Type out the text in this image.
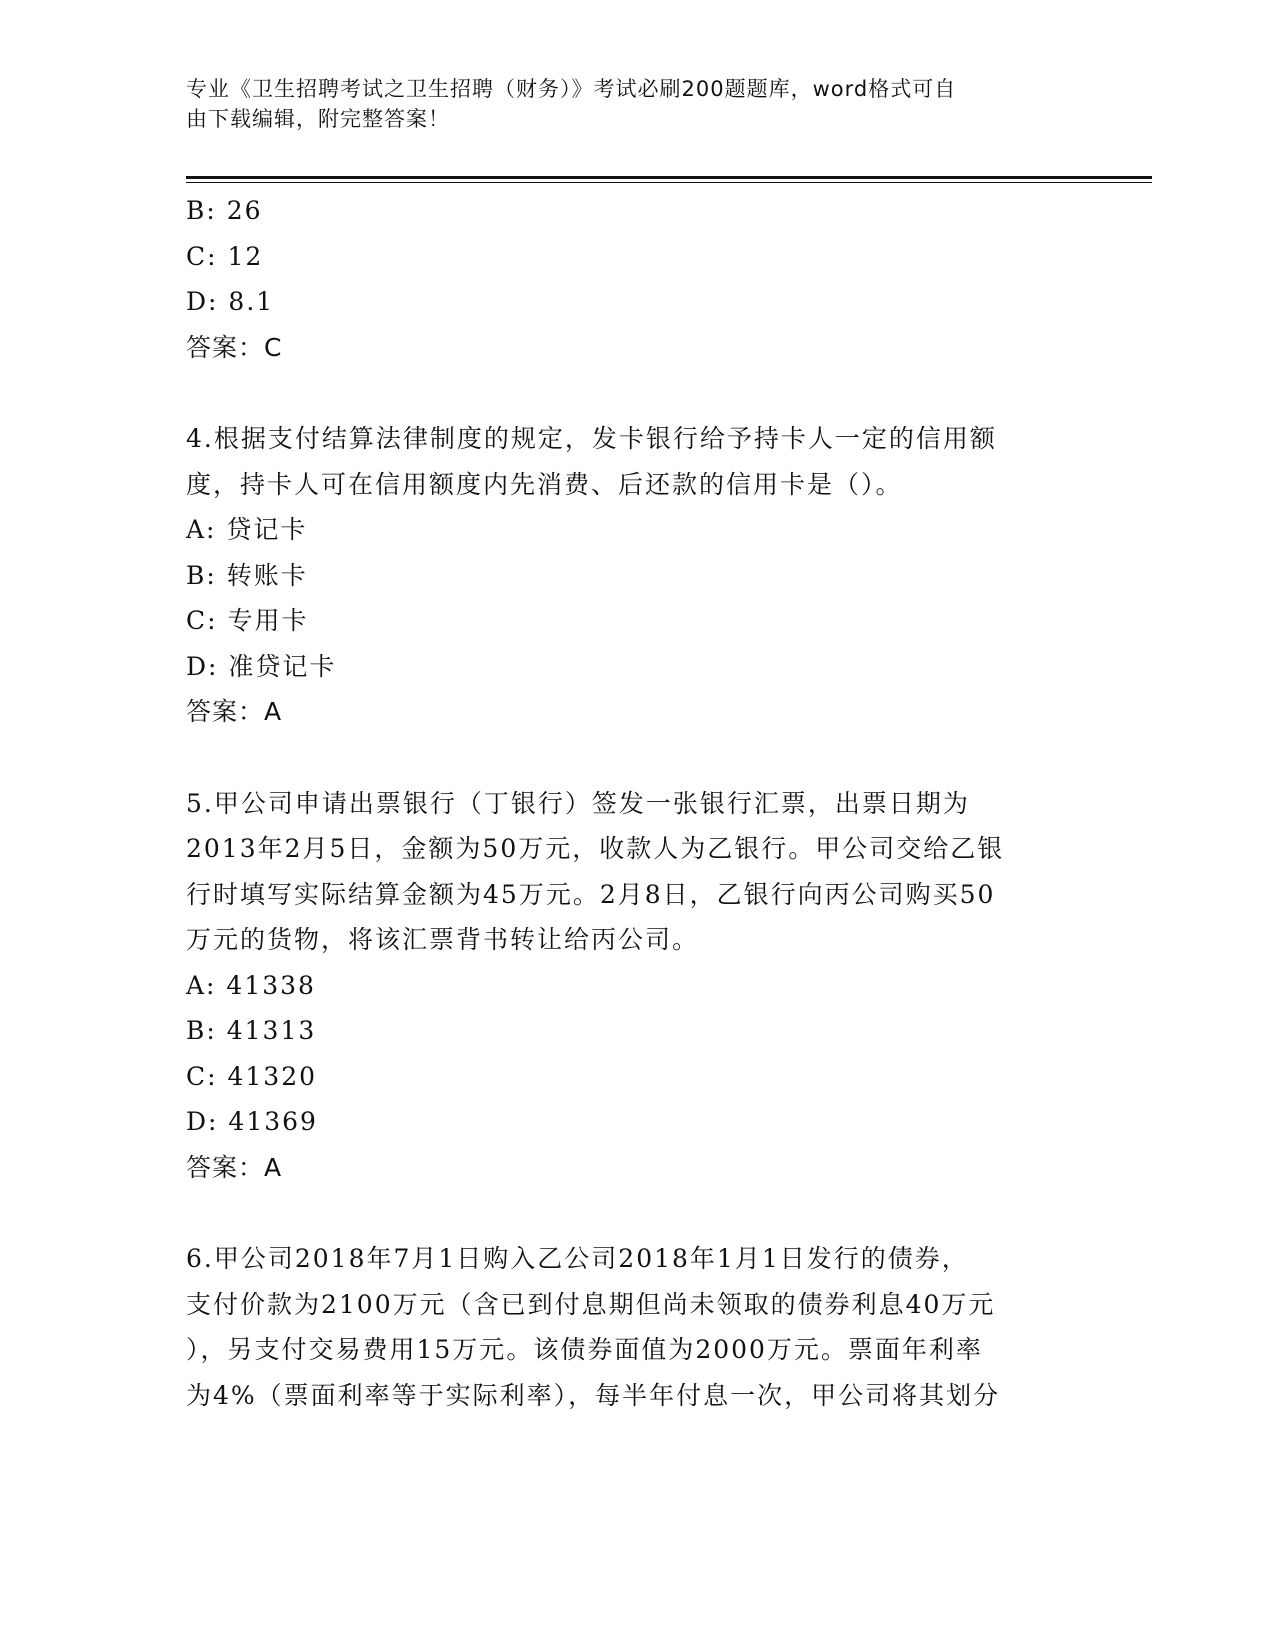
专业《卫生招聘考试之卫生招聘（财务）》考试必刷200题题库，word格式可自
由下载编辑，附完整答案！
B: 26
C: 12
D: 8.1
答案：C
4.根据支付结算法律制度的规定，发卡银行给予持卡人一定的信用额
度，持卡人可在信用额度内先消费、后还款的信用卡是（）。
A: 贷记卡
B: 转账卡
C: 专用卡
D: 准贷记卡
答案：A
5.甲公司申请出票银行（丁银行）签发一张银行汇票，出票日期为
2013年2月5日，金额为50万元，收款人为乙银行。甲公司交给乙银
行时填写实际结算金额为45万元。2月8日，乙银行向丙公司购买50
万元的货物，将该汇票背书转让给丙公司。
A: 41338
B: 41313
C: 41320
D: 41369
答案：A
6.甲公司2018年7月1日购入乙公司2018年1月1日发行的债券，
支付价款为2100万元（含已到付息期但尚未领取的债券利息40万元
），另支付交易费用15万元。该债券面值为2000万元。票面年利率
为4%（票面利率等于实际利率），每半年付息一次，甲公司将其划分
